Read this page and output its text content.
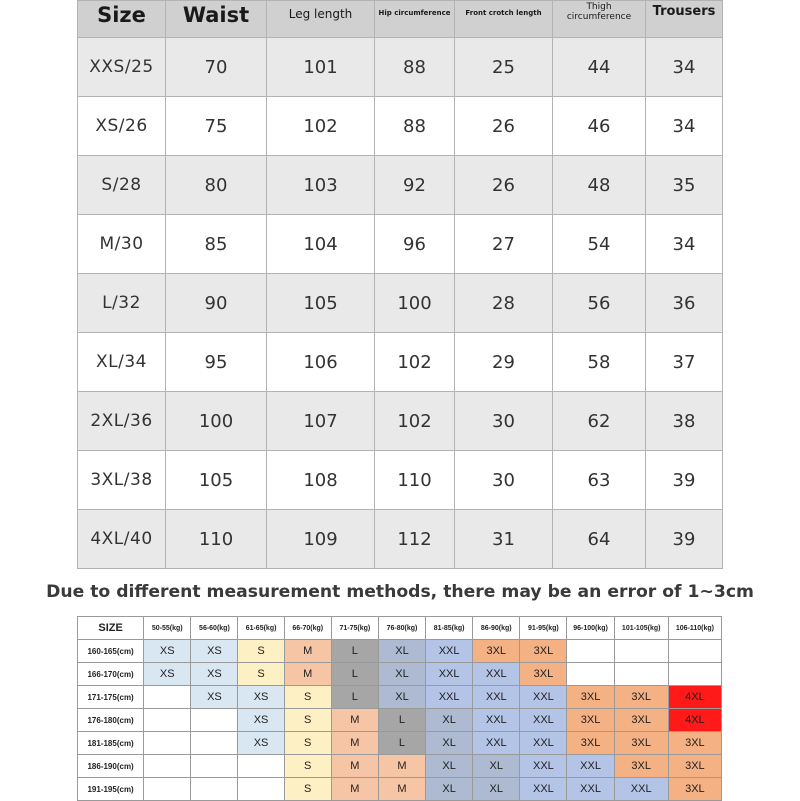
Size	Waist	Leg length	Hip circumference	Front crotch length	Thigh circumference	Trousers
XXS/25	70	101	88	25	44	34
XS/26	75	102	88	26	46	34
S/28	80	103	92	26	48	35
M/30	85	104	96	27	54	34
L/32	90	105	100	28	56	36
XL/34	95	106	102	29	58	37
2XL/36	100	107	102	30	62	38
3XL/38	105	108	110	30	63	39
4XL/40	110	109	112	31	64	39
Due to different measurement methods, there may be an error of 1~3cm
SIZE	50-55(kg)	56-60(kg)	61-65(kg)	66-70(kg)	71-75(kg)	76-80(kg)	81-85(kg)	86-90(kg)	91-95(kg)	96-100(kg)	101-105(kg)	106-110(kg)
160-165(cm)	XS	XS	S	M	L	XL	XXL	3XL	3XL			
166-170(cm)	XS	XS	S	M	L	XL	XXL	XXL	3XL			
171-175(cm)		XS	XS	S	L	XL	XXL	XXL	XXL	3XL	3XL	4XL
176-180(cm)			XS	S	M	L	XL	XXL	XXL	3XL	3XL	4XL
181-185(cm)			XS	S	M	L	XL	XXL	XXL	3XL	3XL	3XL
186-190(cm)				S	M	M	XL	XL	XXL	XXL	3XL	3XL
191-195(cm)				S	M	M	XL	XL	XXL	XXL	XXL	3XL
